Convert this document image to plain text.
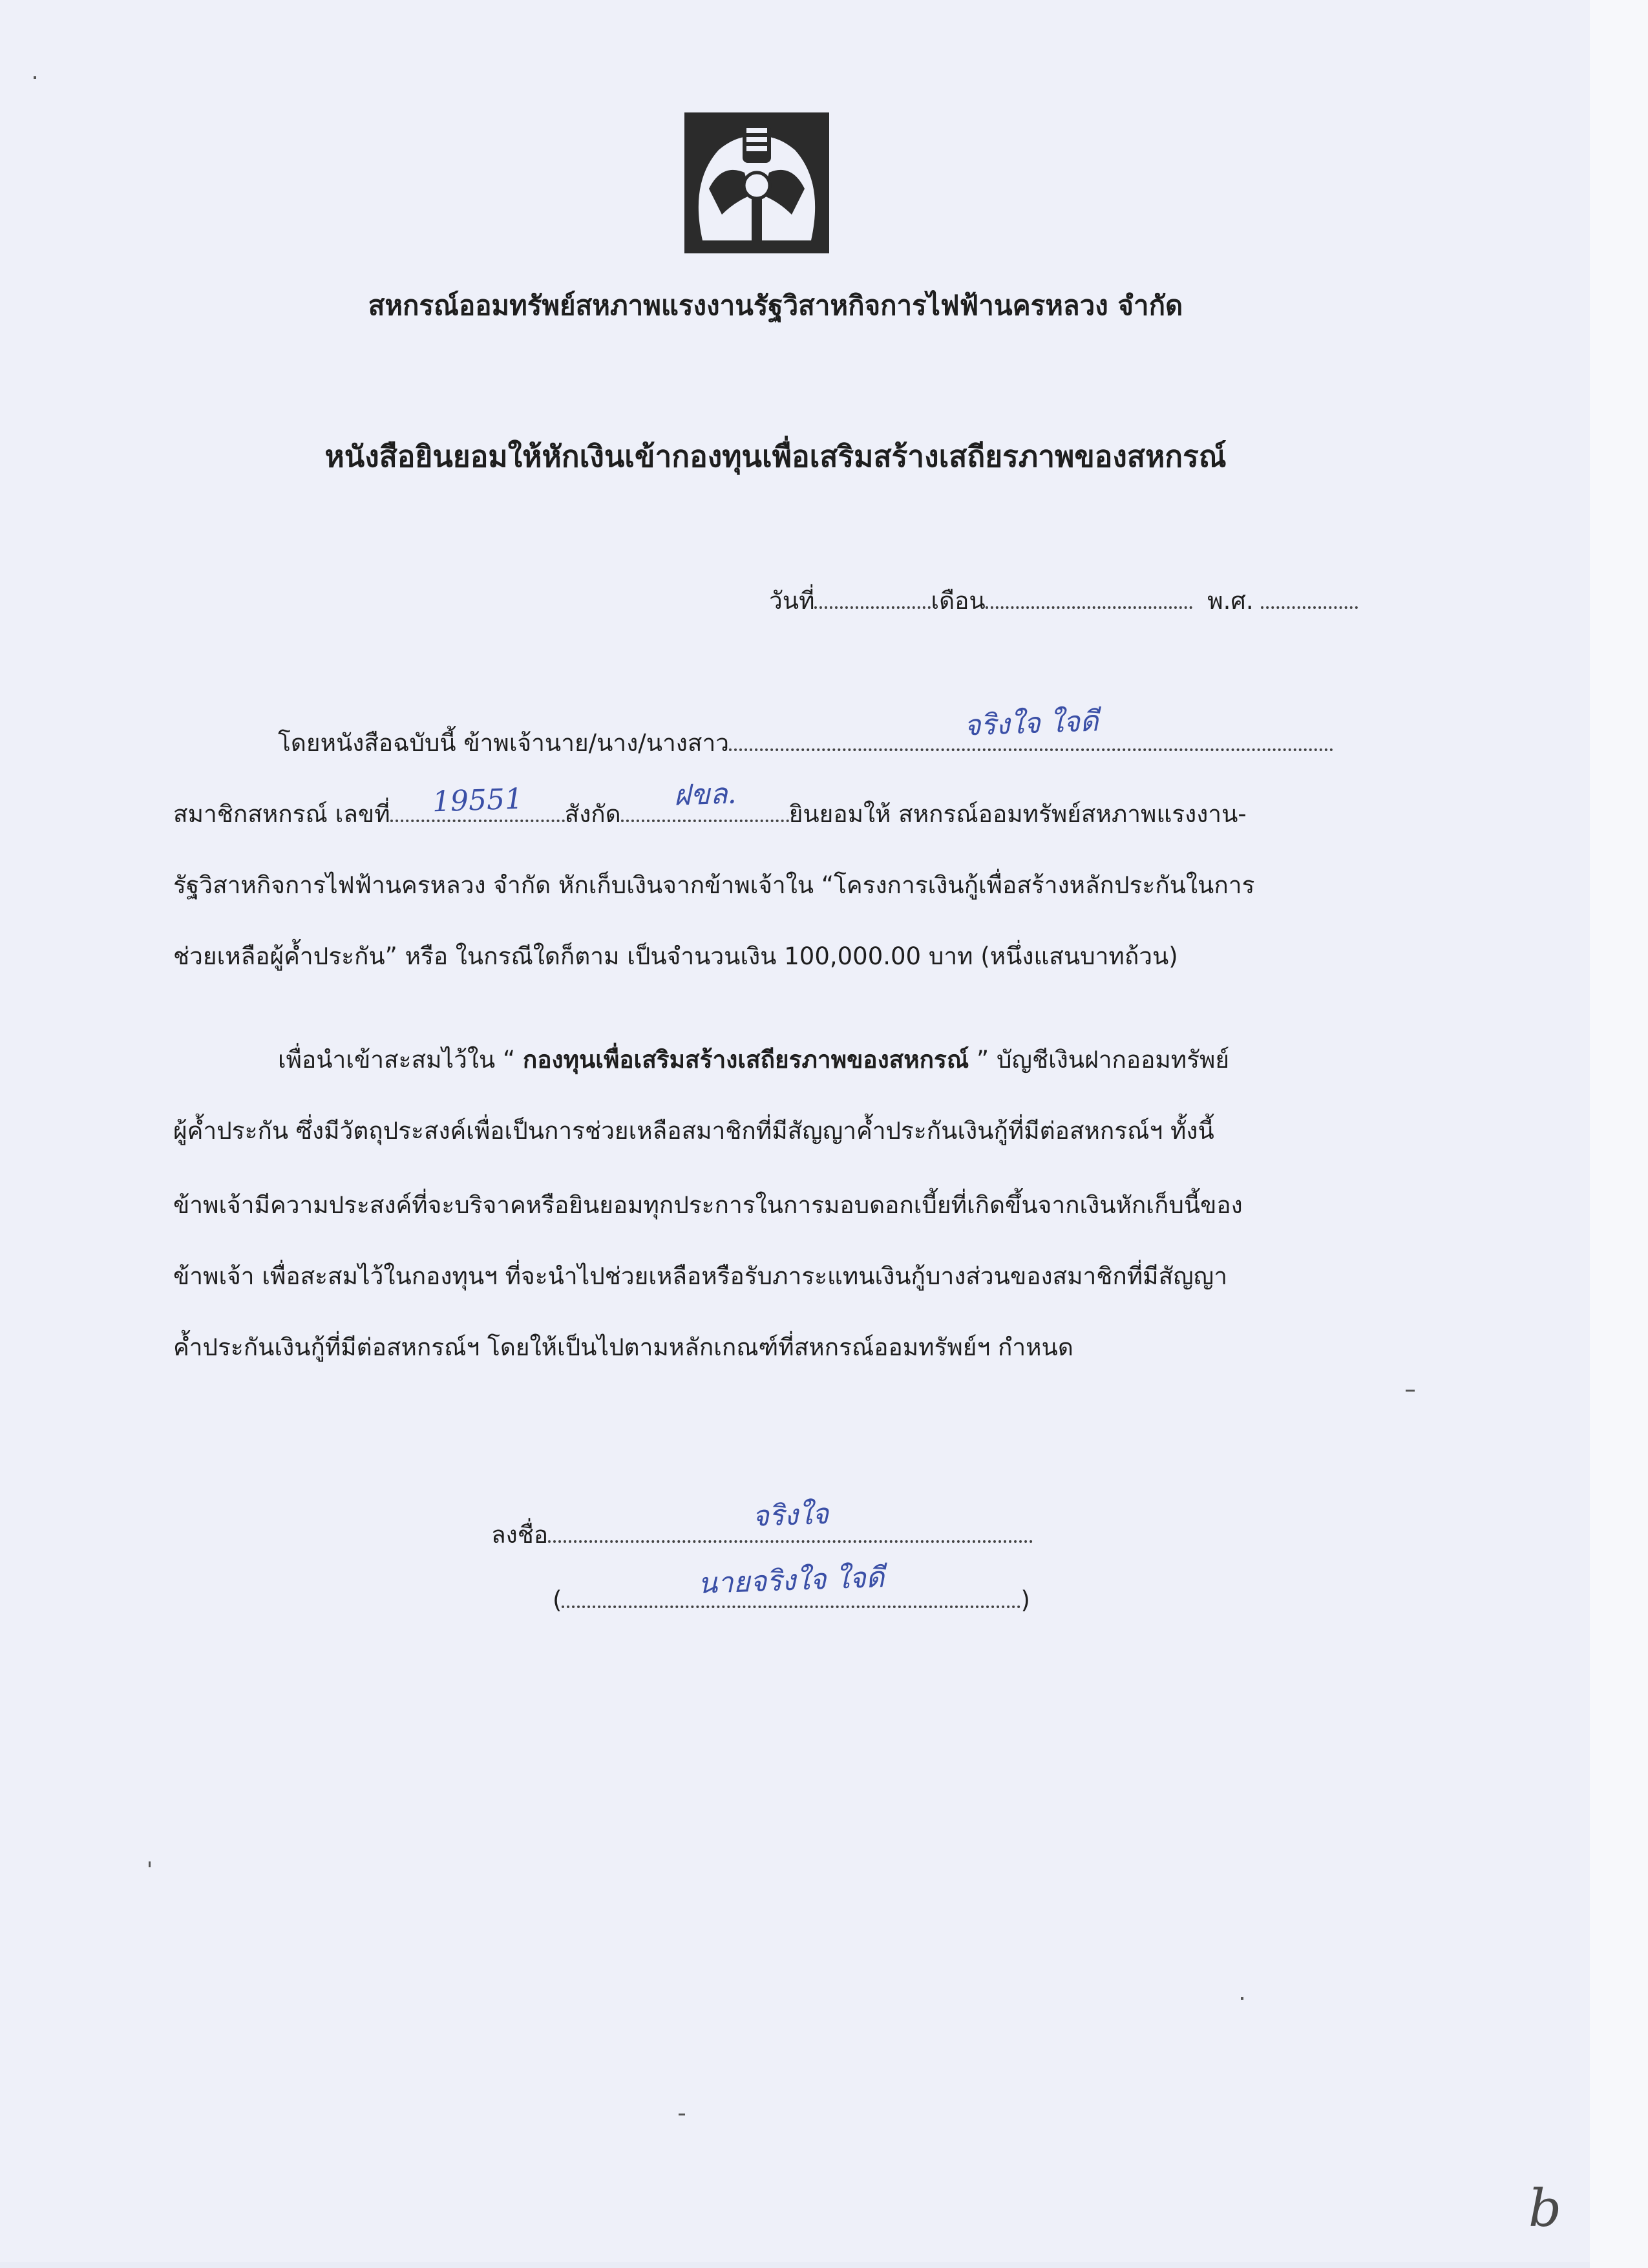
สหกรณ์ออมทรัพย์สหภาพแรงงานรัฐวิสาหกิจการไฟฟ้านครหลวง จำกัด
หนังสือยินยอมให้หักเงินเข้ากองทุนเพื่อเสริมสร้างเสถียรภาพของสหกรณ์
วันที่	เดือน	พ.ศ.
โดยหนังสือฉบับนี้ ข้าพเจ้านาย/นาง/นางสาว
จริงใจ ใจดี
สมาชิกสหกรณ์ เลขที่	19551	สังกัด
ฝขล.
ยินยอมให้ สหกรณ์ออมทรัพย์สหภาพแรงงาน-
รัฐวิสาหกิจการไฟฟ้านครหลวง จำกัด หักเก็บเงินจากข้าพเจ้าใน “โครงการเงินกู้เพื่อสร้างหลักประกันในการ
ช่วยเหลือผู้ค้ำประกัน” หรือ ในกรณีใดก็ตาม เป็นจำนวนเงิน 100,000.00 บาท (หนึ่งแสนบาทถ้วน)
เพื่อนำเข้าสะสมไว้ใน “ กองทุนเพื่อเสริมสร้างเสถียรภาพของสหกรณ์ ” บัญชีเงินฝากออมทรัพย์
ผู้ค้ำประกัน ซึ่งมีวัตถุประสงค์เพื่อเป็นการช่วยเหลือสมาชิกที่มีสัญญาค้ำประกันเงินกู้ที่มีต่อสหกรณ์ฯ ทั้งนี้
ข้าพเจ้ามีความประสงค์ที่จะบริจาคหรือยินยอมทุกประการในการมอบดอกเบี้ยที่เกิดขึ้นจากเงินหักเก็บนี้ของ
ข้าพเจ้า เพื่อสะสมไว้ในกองทุนฯ ที่จะนำไปช่วยเหลือหรือรับภาระแทนเงินกู้บางส่วนของสมาชิกที่มีสัญญา
ค้ำประกันเงินกู้ที่มีต่อสหกรณ์ฯ โดยให้เป็นไปตามหลักเกณฑ์ที่สหกรณ์ออมทรัพย์ฯ กำหนด
ลงชื่อ
จริงใจ
(	นายจริงใจ ใจดี	)
b
